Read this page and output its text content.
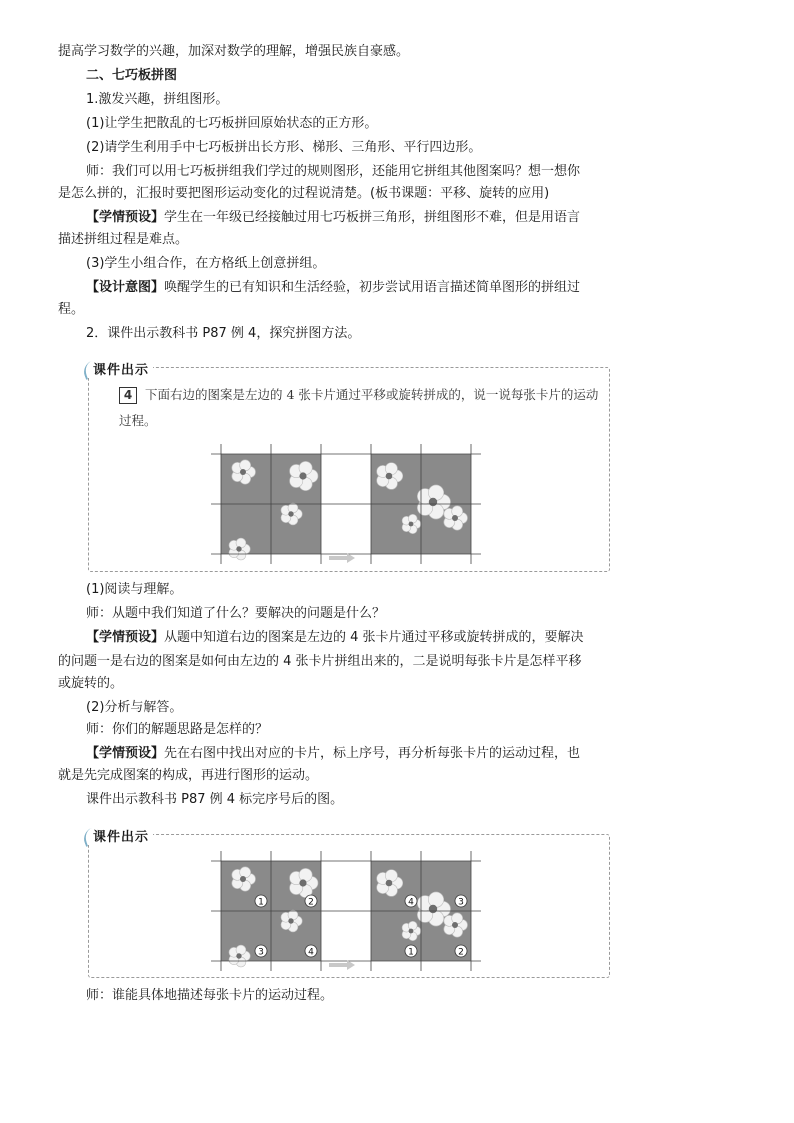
提高学习数学的兴趣，加深对数学的理解，增强民族自豪感。
二、七巧板拼图
1.激发兴趣，拼组图形。
(1)让学生把散乱的七巧板拼回原始状态的正方形。
(2)请学生利用手中七巧板拼出长方形、梯形、三角形、平行四边形。
师：我们可以用七巧板拼组我们学过的规则图形，还能用它拼组其他图案吗？想一想你
是怎么拼的，汇报时要把图形运动变化的过程说清楚。(板书课题：平移、旋转的应用)
【学情预设】学生在一年级已经接触过用七巧板拼三角形，拼组图形不难，但是用语言
描述拼组过程是难点。
(3)学生小组合作，在方格纸上创意拼组。
【设计意图】唤醒学生的已有知识和生活经验，初步尝试用语言描述简单图形的拼组过
程。
2．课件出示教科书 P87 例 4，探究拼图方法。
课件出示
4 下面右边的图案是左边的 4 张卡片通过平移或旋转拼成的，说一说每张卡片的运动过程。
(1)阅读与理解。
师：从题中我们知道了什么？要解决的问题是什么？
【学情预设】从题中知道右边的图案是左边的 4 张卡片通过平移或旋转拼成的，要解决
的问题一是右边的图案是如何由左边的 4 张卡片拼组出来的，二是说明每张卡片是怎样平移
或旋转的。
(2)分析与解答。
师：你们的解题思路是怎样的？
【学情预设】先在右图中找出对应的卡片，标上序号，再分析每张卡片的运动过程，也
就是先完成图案的构成，再进行图形的运动。
课件出示教科书 P87 例 4 标完序号后的图。
课件出示
1	2
3	4
4	3
1	2
师：谁能具体地描述每张卡片的运动过程。
